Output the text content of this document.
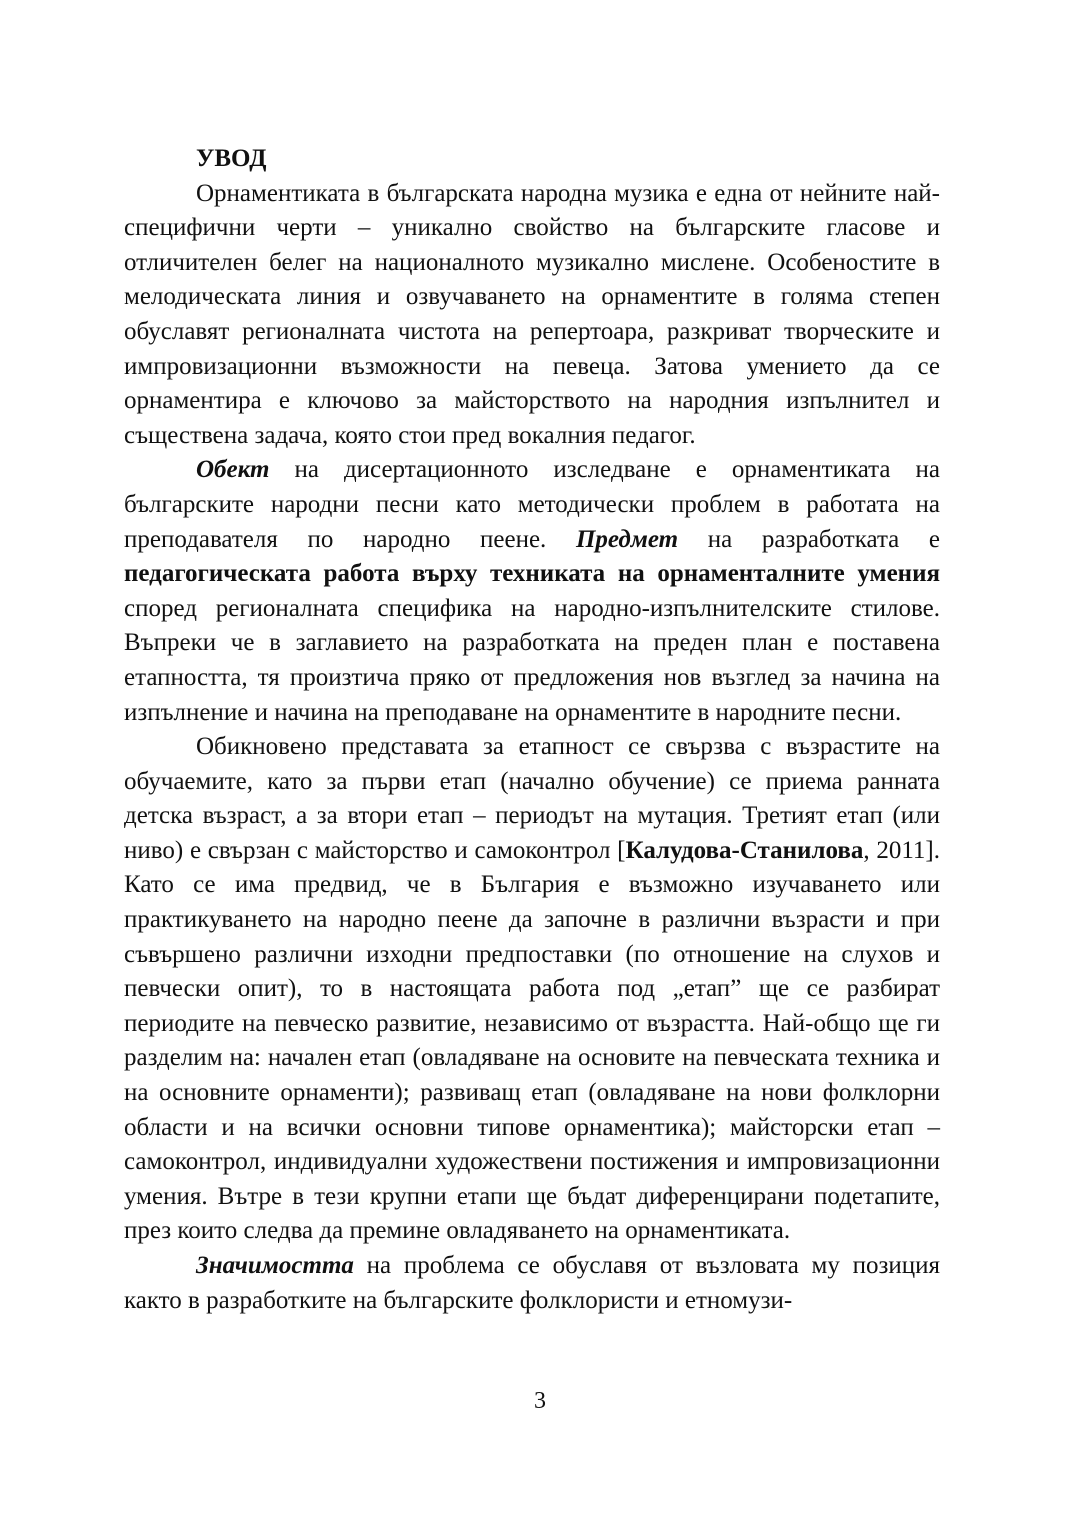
УВОД

Орнаментиката в българската народна музика е една от нейните най-специфични черти – уникално свойство на българските гласове и отличителен белег на националното музикално мислене. Особеностите в мелодическата линия и озвучаването на орнаментите в голяма степен обуславят регионалната чистота на репертоара, разкриват творческите и импровизационни възможности на певеца. Затова умението да се орнаментира е ключово за майсторството на народния изпълнител и съществена задача, която стои пред вокалния педагог.

Обект на дисертационното изследване е орнаментиката на българските народни песни като методически проблем в работата на преподавателя по народно пеене. Предмет на разработката е педагогическата работа върху техниката на орнаменталните умения според регионалната специфика на народно-изпълнителските стилове. Въпреки че в заглавието на разработката на преден план е поставена етапността, тя произтича пряко от предложения нов възглед за начина на изпълнение и начина на преподаване на орнаментите в народните песни.

Обикновено представата за етапност се свързва с възрастите на обучаемите, като за първи етап (начално обучение) се приема ранната детска възраст, а за втори етап – периодът на мутация. Третият етап (или ниво) е свързан с майсторство и самоконтрол [Калудова-Станилова, 2011]. Като се има предвид, че в България е възможно изучаването или практикуването на народно пеене да започне в различни възрасти и при съвършено различни изходни предпоставки (по отношение на слухов и певчески опит), то в настоящата работа под „етап” ще се разбират периодите на певческо развитие, независимо от възрастта. Най-общо ще ги разделим на: начален етап (овладяване на основите на певческата техника и на основните орнаменти); развиващ етап (овладяване на нови фолклорни области и на всички основни типове орнаментика); майсторски етап – самоконтрол, индивидуални художествени постижения и импровизационни умения. Вътре в тези крупни етапи ще бъдат диференцирани подетапите, през които следва да премине овладяването на орнаментиката.

Значимостта на проблема се обуславя от възловата му позиция както в разработките на българските фолклористи и етномузи-

3
